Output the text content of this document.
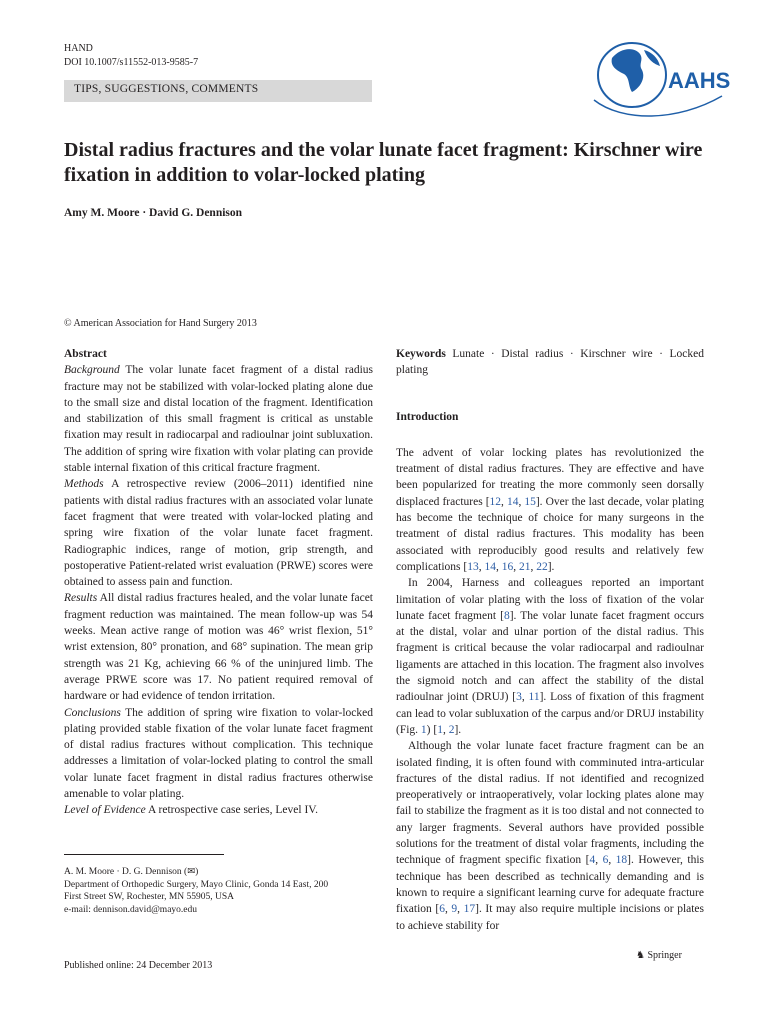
HAND
DOI 10.1007/s11552-013-9585-7
TIPS, SUGGESTIONS, COMMENTS	AAHS
Distal radius fractures and the volar lunate facet fragment: Kirschner wire fixation in addition to volar-locked plating
Amy M. Moore · David G. Dennison
© American Association for Hand Surgery 2013

Abstract

Background The volar lunate facet fragment of a distal radius fracture may not be stabilized with volar-locked plating alone due to the small size and distal location of the fragment. Identification and stabilization of this small fragment is critical as unstable fixation may result in radiocarpal and radioulnar joint subluxation. The addition of spring wire fixation with volar plating can provide stable internal fixation of this critical fracture fragment.

Methods A retrospective review (2006–2011) identified nine patients with distal radius fractures with an associated volar lunate facet fragment that were treated with volar-locked plating and spring wire fixation of the volar lunate facet fragment. Radiographic indices, range of motion, grip strength, and postoperative Patient-related wrist evaluation (PRWE) scores were obtained to assess pain and function.

Results All distal radius fractures healed, and the volar lunate facet fragment reduction was maintained. The mean follow-up was 54 weeks. Mean active range of motion was 46° wrist flexion, 51° wrist extension, 80° pronation, and 68° supination. The mean grip strength was 21 Kg, achieving 66 % of the uninjured limb. The average PRWE score was 17. No patient required removal of hardware or had evidence of tendon irritation.

Conclusions The addition of spring wire fixation to volar-locked plating provided stable fixation of the volar lunate facet fragment of distal radius fractures without complication. This technique addresses a limitation of volar-locked plating to control the small volar lunate facet fragment in distal radius fractures otherwise amenable to volar plating.

Level of Evidence A retrospective case series, Level IV.

A. M. Moore · D. G. Dennison (✉)
Department of Orthopedic Surgery, Mayo Clinic, Gonda 14 East, 200
First Street SW, Rochester, MN 55905, USA
e-mail: dennison.david@mayo.edu
Published online: 24 December 2013
♞ Springer

Keywords Lunate · Distal radius · Kirschner wire · Locked plating

Introduction

The advent of volar locking plates has revolutionized the treatment of distal radius fractures. They are effective and have been popularized for treating the more commonly seen dorsally displaced fractures [12, 14, 15]. Over the last decade, volar plating has become the technique of choice for many surgeons in the treatment of distal radius fractures. This modality has been associated with reproducibly good results and relatively few complications [13, 14, 16, 21, 22].

In 2004, Harness and colleagues reported an important limitation of volar plating with the loss of fixation of the volar lunate facet fragment [8]. The volar lunate facet fragment occurs at the distal, volar and ulnar portion of the distal radius. This fragment is critical because the volar radiocarpal and radioulnar ligaments are attached in this location. The fragment also involves the sigmoid notch and can affect the stability of the distal radioulnar joint (DRUJ) [3, 11]. Loss of fixation of this fragment can lead to volar subluxation of the carpus and/or DRUJ instability (Fig. 1) [1, 2].

Although the volar lunate facet fracture fragment can be an isolated finding, it is often found with comminuted intra-articular fractures of the distal radius. If not identified and recognized preoperatively or intraoperatively, volar locking plates alone may fail to stabilize the fragment as it is too distal and not connected to any larger fragments. Several authors have provided possible solutions for the treatment of distal volar fragments, including the technique of fragment specific fixation [4, 6, 18]. However, this technique has been described as technically demanding and is known to require a significant learning curve for adequate fracture fixation [6, 9, 17]. It may also require multiple incisions or plates to achieve stability for
